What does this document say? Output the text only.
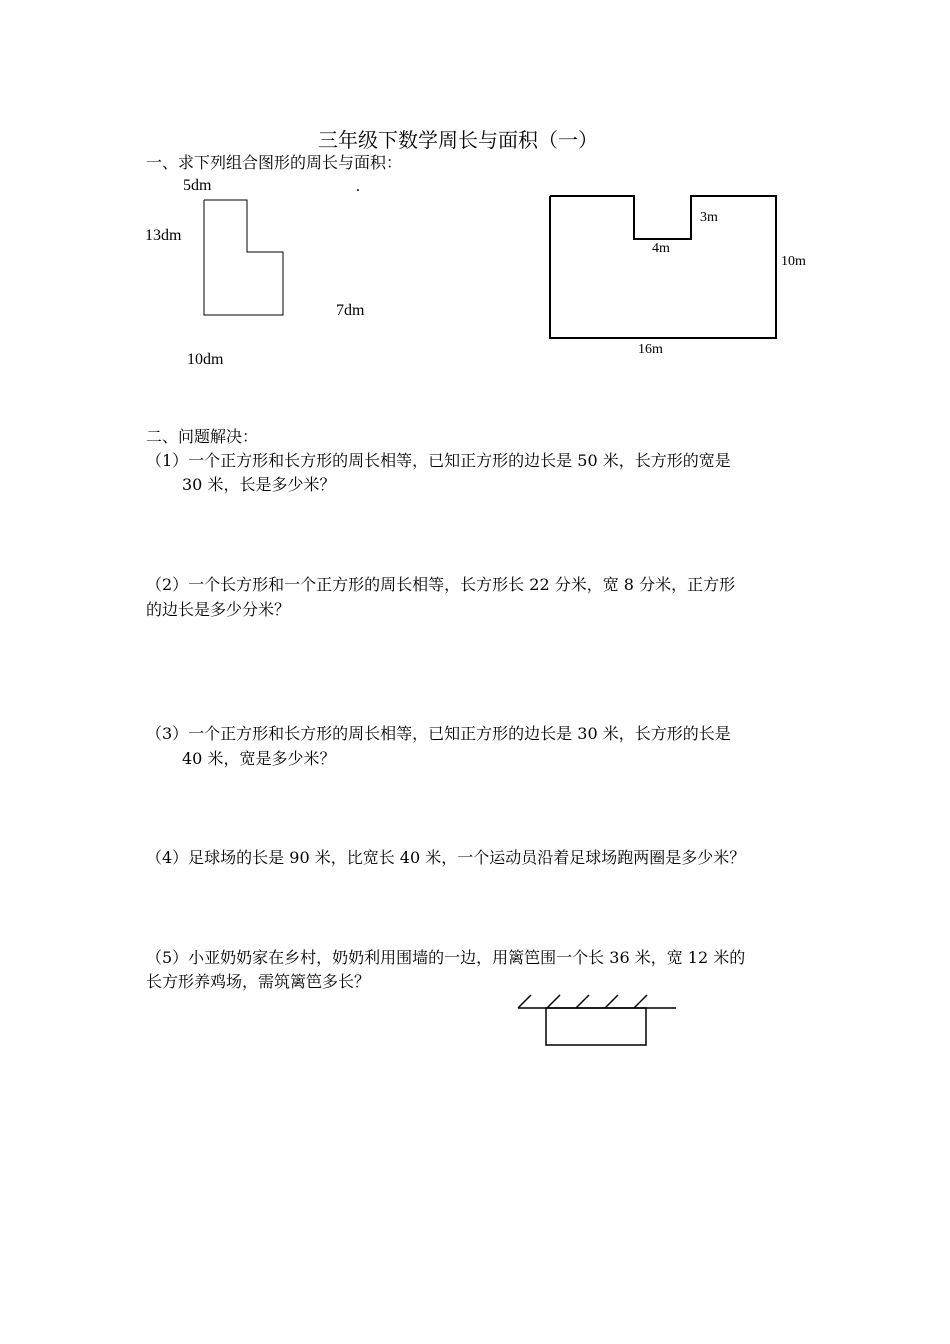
三年级下数学周长与面积（一）
一、求下列组合图形的周长与面积：
5dm	.
13dm
7dm
10dm
3m
4m
10m
16m
二、问题解决：
（1）一个正方形和长方形的周长相等，已知正方形的边长是 50 米，长方形的宽是
30 米，长是多少米？
（2）一个长方形和一个正方形的周长相等，长方形长 22 分米，宽 8 分米，正方形
的边长是多少分米？
（3）一个正方形和长方形的周长相等，已知正方形的边长是 30 米，长方形的长是
40 米，宽是多少米？
（4）足球场的长是 90 米，比宽长 40 米，一个运动员沿着足球场跑两圈是多少米？
（5）小亚奶奶家在乡村，奶奶利用围墙的一边，用篱笆围一个长 36 米，宽 12 米的
长方形养鸡场，需筑篱笆多长？
